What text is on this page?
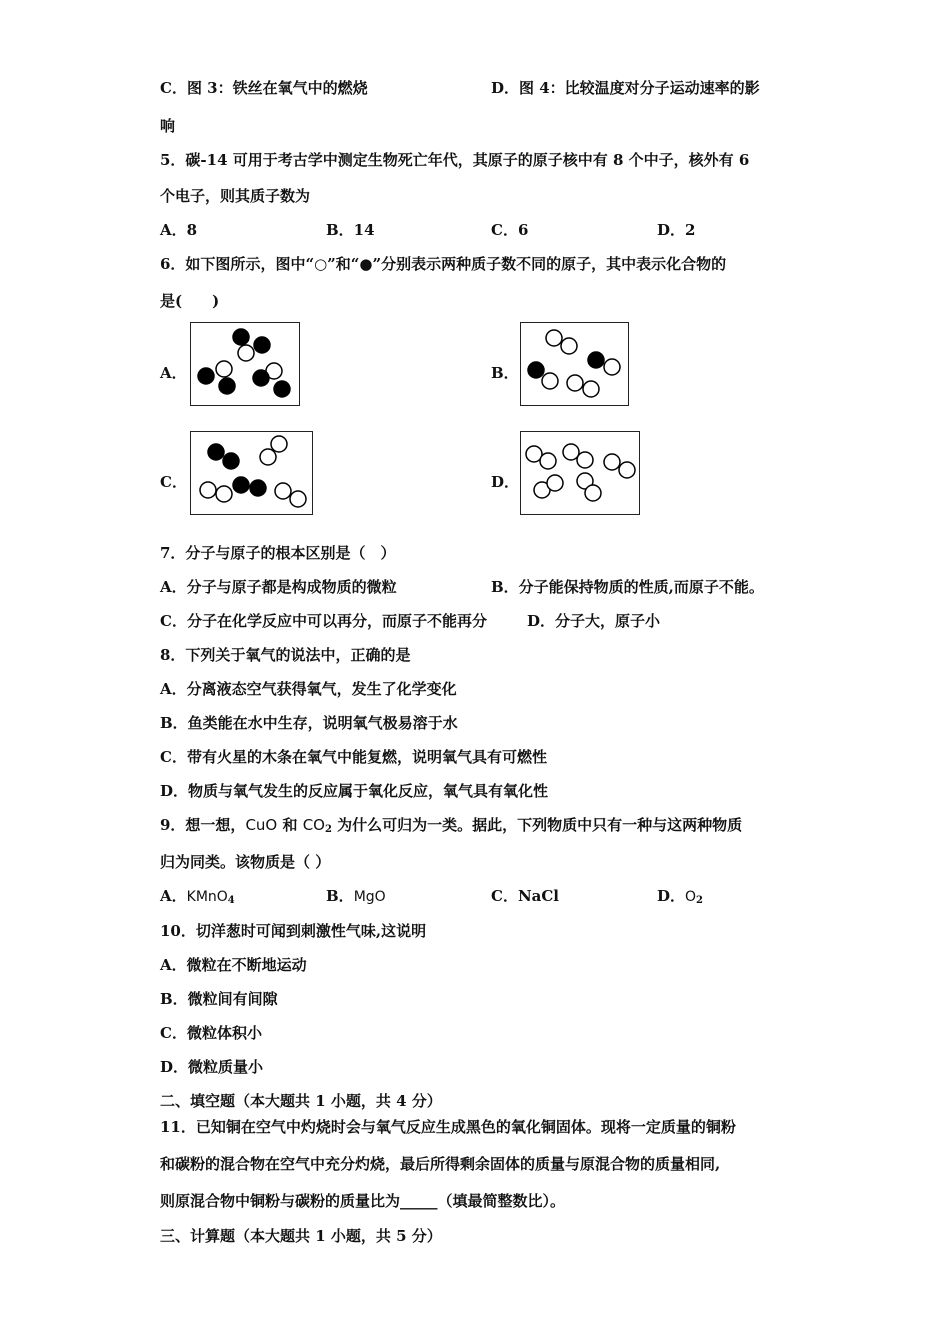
C．图 3：铁丝在氧气中的燃烧	D．图 4：比较温度对分子运动速率的影
响
5．碳-14 可用于考古学中测定生物死亡年代，其原子的原子核中有 8 个中子，核外有 6
个电子，则其质子数为
A．8	B．14	C．6	D．2
6．如下图所示，图中“○”和“●”分别表示两种质子数不同的原子，其中表示化合物的
是(　　)
A．	B．
C．	D．
7．分子与原子的根本区别是（　）
A．分子与原子都是构成物质的微粒	B．分子能保持物质的性质,而原子不能。
C．分子在化学反应中可以再分，而原子不能再分	D．分子大，原子小
8．下列关于氧气的说法中，正确的是
A．分离液态空气获得氧气，发生了化学变化
B．鱼类能在水中生存，说明氧气极易溶于水
C．带有火星的木条在氧气中能复燃，说明氧气具有可燃性
D．物质与氧气发生的反应属于氧化反应，氧气具有氧化性
9．想一想，CuO 和 $CO_2$ 为什么可归为一类。据此，下列物质中只有一种与这两种物质
归为同类。该物质是（ ）
A．KMnO$_4$	B．MgO	C．NaCl	D．$O_2$
10．切洋葱时可闻到刺激性气味,这说明
A．微粒在不断地运动
B．微粒间有间隙
C．微粒体积小
D．微粒质量小
二、填空题（本大题共 1 小题，共 4 分）
11．已知铜在空气中灼烧时会与氧气反应生成黑色的氧化铜固体。现将一定质量的铜粉
和碳粉的混合物在空气中充分灼烧，最后所得剩余固体的质量与原混合物的质量相同,
则原混合物中铜粉与碳粉的质量比为_____（填最简整数比）。
三、计算题（本大题共 1 小题，共 5 分）
